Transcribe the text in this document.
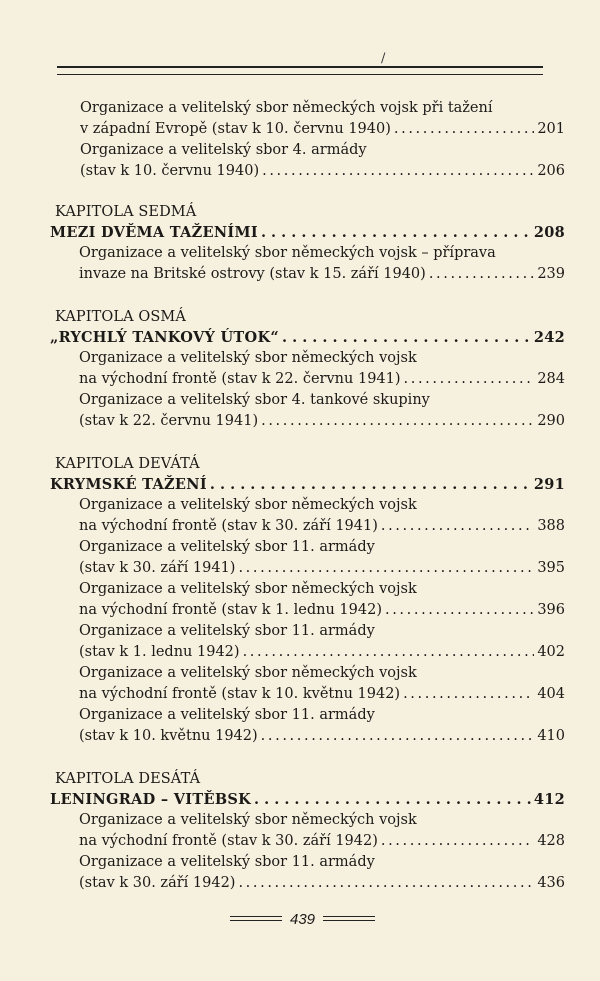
/
Organizace a velitelský sbor německých vojsk při tažení
v západní Evropě (stav k 10. červnu 1940) . . .	201
Organizace a velitelský sbor 4. armády
(stav k 10. červnu 1940) . . .	206
KAPITOLA SEDMÁ
MEZI DVĚMA TAŽENÍMI . . .	208
Organizace a velitelský sbor německých vojsk – příprava
invaze na Britské ostrovy (stav k 15. září 1940) . . .	239
KAPITOLA OSMÁ
„RYCHLÝ TANKOVÝ ÚTOK“ . . .	242
Organizace a velitelský sbor německých vojsk
na východní frontě (stav k 22. červnu 1941) . . .	284
Organizace a velitelský sbor 4. tankové skupiny
(stav k 22. červnu 1941) . . .	290
KAPITOLA DEVÁTÁ
KRYMSKÉ TAŽENÍ . . .	291
Organizace a velitelský sbor německých vojsk
na východní frontě (stav k 30. září 1941) . . .	388
Organizace a velitelský sbor 11. armády
(stav k 30. září 1941) . . .	395
Organizace a velitelský sbor německých vojsk
na východní frontě (stav k 1. lednu 1942) . . .	396
Organizace a velitelský sbor 11. armády
(stav k 1. lednu 1942) . . .	402
Organizace a velitelský sbor německých vojsk
na východní frontě (stav k 10. květnu 1942) . . .	404
Organizace a velitelský sbor 11. armády
(stav k 10. květnu 1942) . . .	410
KAPITOLA DESÁTÁ
LENINGRAD – VITĚBSK . . .	412
Organizace a velitelský sbor německých vojsk
na východní frontě (stav k 30. září 1942) . . .	428
Organizace a velitelský sbor 11. armády
(stav k 30. září 1942) . . .	436
439
